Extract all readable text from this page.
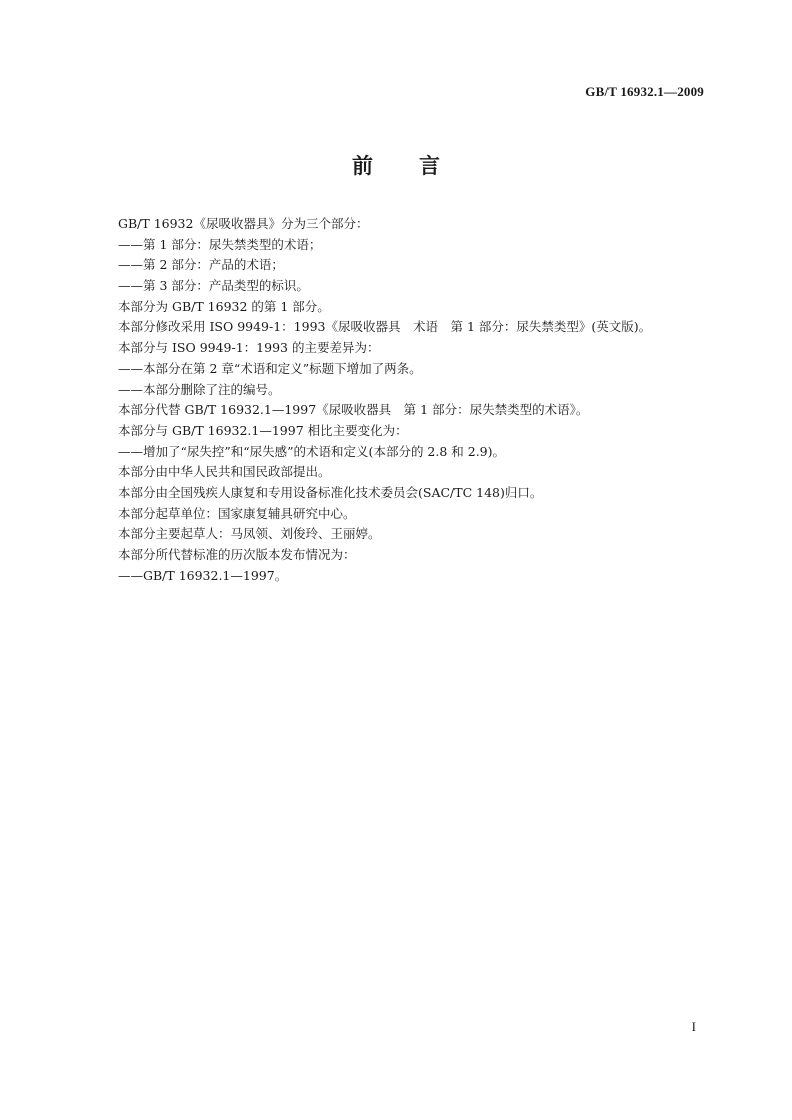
GB/T 16932.1—2009
前言
GB/T 16932《尿吸收器具》分为三个部分：
——第 1 部分：尿失禁类型的术语；
——第 2 部分：产品的术语；
——第 3 部分：产品类型的标识。
本部分为 GB/T 16932 的第 1 部分。
本部分修改采用 ISO 9949-1：1993《尿吸收器具　术语　第 1 部分：尿失禁类型》(英文版)。
本部分与 ISO 9949-1：1993 的主要差异为：
——本部分在第 2 章“术语和定义”标题下增加了两条。
——本部分删除了注的编号。
本部分代替 GB/T 16932.1—1997《尿吸收器具　第 1 部分：尿失禁类型的术语》。
本部分与 GB/T 16932.1—1997 相比主要变化为：
——增加了“尿失控”和“尿失感”的术语和定义(本部分的 2.8 和 2.9)。
本部分由中华人民共和国民政部提出。
本部分由全国残疾人康复和专用设备标准化技术委员会(SAC/TC 148)归口。
本部分起草单位：国家康复辅具研究中心。
本部分主要起草人：马凤领、刘俊玲、王丽婷。
本部分所代替标准的历次版本发布情况为：
——GB/T 16932.1—1997。
I
